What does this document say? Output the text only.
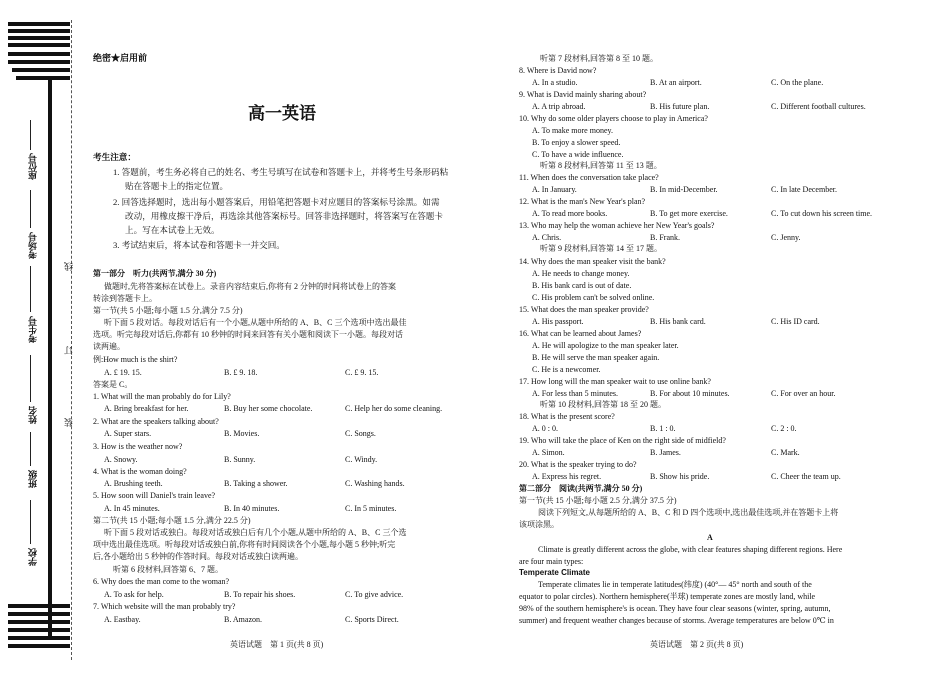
座位号
考场号
考生号
姓名
班级
学校
线
订
装
绝密★启用前
高一英语
考生注意：
1. 答题前，考生务必将自己的姓名、考生号填写在试卷和答题卡上，并将考生号条形码粘
贴在答题卡上的指定位置。
2. 回答选择题时，选出每小题答案后，用铅笔把答题卡对应题目的答案标号涂黑。如需
改动，用橡皮擦干净后，再选涂其他答案标号。回答非选择题时，将答案写在答题卡
上。写在本试卷上无效。
3. 考试结束后，将本试卷和答题卡一并交回。
第一部分　听力(共两节,满分 30 分)
做题时,先将答案标在试卷上。录音内容结束后,你将有 2 分钟的时间将试卷上的答案
转涂到答题卡上。
第一节(共 5 小题;每小题 1.5 分,满分 7.5 分)
听下面 5 段对话。每段对话后有一个小题,从题中所给的 A、B、C 三个选项中选出最佳
选项。听完每段对话后,你都有 10 秒钟的时间来回答有关小题和阅读下一小题。每段对话
读两遍。
例:How much is the shirt?
A. £ 19. 15.	B. £ 9. 18.	C. £ 9. 15.
答案是 C。
1. What will the man probably do for Lily?
A. Bring breakfast for her.	B. Buy her some chocolate.	C. Help her do some cleaning.
2. What are the speakers talking about?
A. Super stars.	B. Movies.	C. Songs.
3. How is the weather now?
A. Snowy.	B. Sunny.	C. Windy.
4. What is the woman doing?
A. Brushing teeth.	B. Taking a shower.	C. Washing hands.
5. How soon will Daniel's train leave?
A. In 45 minutes.	B. In 40 minutes.	C. In 5 minutes.
第二节(共 15 小题;每小题 1.5 分,满分 22.5 分)
听下面 5 段对话或独白。每段对话或独白后有几个小题,从题中所给的 A、B、C 三个选
项中选出最佳选项。听每段对话或独白前,你将有时间阅读各个小题,每小题 5 秒钟;听完
后,各小题给出 5 秒钟的作答时间。每段对话或独白读两遍。
听第 6 段材料,回答第 6、7 题。
6. Why does the man come to the woman?
A. To ask for help.	B. To repair his shoes.	C. To give advice.
7. Which website will the man probably try?
A. Eastbay.	B. Amazon.	C. Sports Direct.
英语试题　第 1 页(共 8 页)
听第 7 段材料,回答第 8 至 10 题。
8. Where is David now?
A. In a studio.	B. At an airport.	C. On the plane.
9. What is David mainly sharing about?
A. A trip abroad.	B. His future plan.	C. Different football cultures.
10. Why do some older players choose to play in America?
A. To make more money.
B. To enjoy a slower speed.
C. To have a wide influence.
听第 8 段材料,回答第 11 至 13 题。
11. When does the conversation take place?
A. In January.	B. In mid-December.	C. In late December.
12. What is the man's New Year's plan?
A. To read more books.	B. To get more exercise.	C. To cut down his screen time.
13. Who may help the woman achieve her New Year's goals?
A. Chris.	B. Frank.	C. Jenny.
听第 9 段材料,回答第 14 至 17 题。
14. Why does the man speaker visit the bank?
A. He needs to change money.
B. His bank card is out of date.
C. His problem can't be solved online.
15. What does the man speaker provide?
A. His passport.	B. His bank card.	C. His ID card.
16. What can be learned about James?
A. He will apologize to the man speaker later.
B. He will serve the man speaker again.
C. He is a newcomer.
17. How long will the man speaker wait to use online bank?
A. For less than 5 minutes.	B. For about 10 minutes.	C. For over an hour.
听第 10 段材料,回答第 18 至 20 题。
18. What is the present score?
A. 0 : 0.	B. 1 : 0.	C. 2 : 0.
19. Who will take the place of Ken on the right side of midfield?
A. Simon.	B. James.	C. Mark.
20. What is the speaker trying to do?
A. Express his regret.	B. Show his pride.	C. Cheer the team up.
第二部分　阅读(共两节,满分 50 分)
第一节(共 15 小题;每小题 2.5 分,满分 37.5 分)
阅读下列短文,从每题所给的 A、B、C 和 D 四个选项中,选出最佳选项,并在答题卡上将
该项涂黑。
A
Climate is greatly different across the globe, with clear features shaping different regions. Here
are four main types:
Temperate Climate
Temperate climates lie in temperate latitudes(纬度) (40°— 45° north and south of the
equator to polar circles). Northern hemisphere(半球) temperate zones are mostly land, while
98% of the southern hemisphere's is ocean. They have four clear seasons (winter, spring, autumn,
summer) and frequent weather changes because of storms. Average temperatures are below 0℃ in
英语试题　第 2 页(共 8 页)
